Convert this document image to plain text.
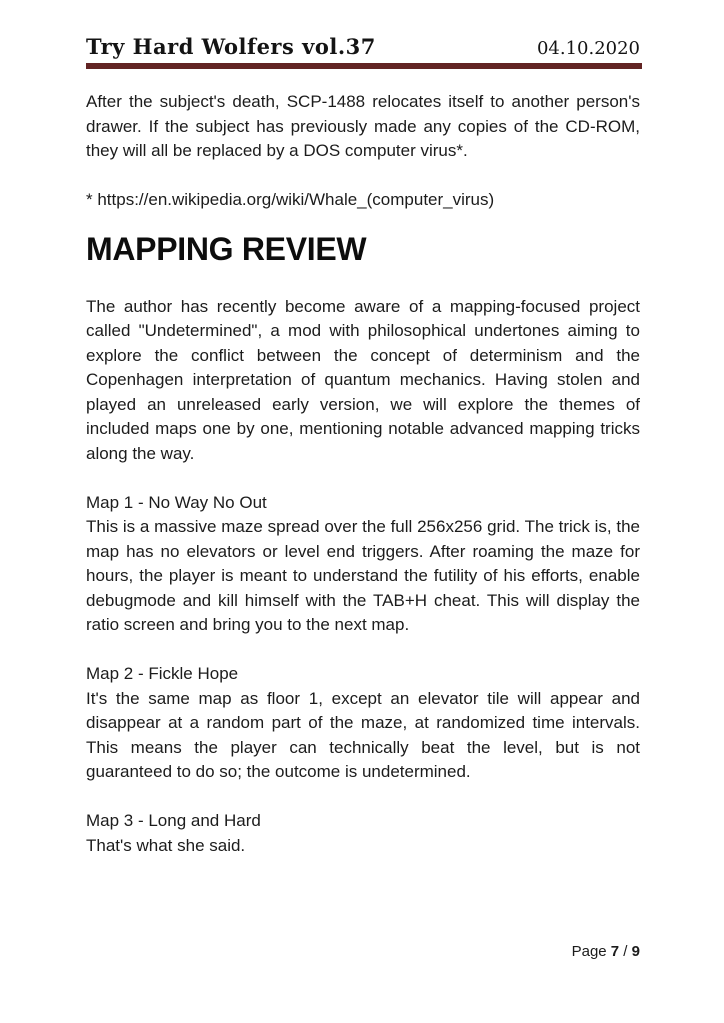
Try Hard Wolfers vol.37	04.10.2020

After the subject's death, SCP-1488 relocates itself to another person's drawer. If the subject has previously made any copies of the CD-ROM, they will all be replaced by a DOS computer virus*.

* https://en.wikipedia.org/wiki/Whale_(computer_virus)

MAPPING REVIEW

The author has recently become aware of a mapping-focused project called "Undetermined", a mod with philosophical undertones aiming to explore the conflict between the concept of determinism and the Copenhagen interpretation of quantum mechanics. Having stolen and played an unreleased early version, we will explore the themes of included maps one by one, mentioning notable advanced mapping tricks along the way.

Map 1 - No Way No Out

This is a massive maze spread over the full 256x256 grid. The trick is, the map has no elevators or level end triggers. After roaming the maze for hours, the player is meant to understand the futility of his efforts, enable debugmode and kill himself with the TAB+H cheat. This will display the ratio screen and bring you to the next map.

Map 2 - Fickle Hope

It's the same map as floor 1, except an elevator tile will appear and disappear at a random part of the maze, at randomized time intervals. This means the player can technically beat the level, but is not guaranteed to do so; the outcome is undetermined.

Map 3 - Long and Hard

That's what she said.

Page 7 / 9
